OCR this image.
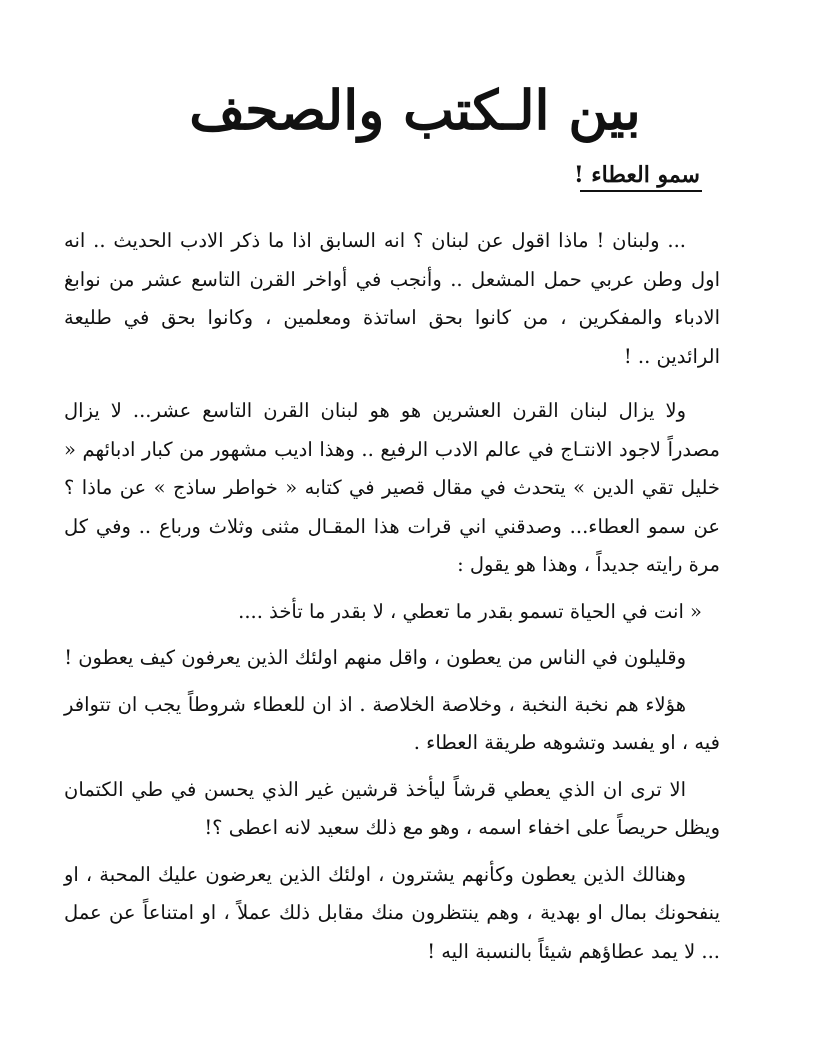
بين الـكتب والصحف
سمو العطاء !

... ولبنان ! ماذا اقول عن لبنان ؟ انه السابق اذا ما ذكر الادب الحديث .. انه اول وطن عربي حمل المشعل .. وأنجب في أواخر القرن التاسع عشر من نوابغ الادباء والمفكرين ، من كانوا بحق اساتذة ومعلمين ، وكانوا بحق في طليعة الرائدين .. !

ولا يزال لبنان القرن العشرين هو هو لبنان القرن التاسع عشر... لا يزال مصدراً لاجود الانتـاج في عالم الادب الرفيع .. وهذا اديب مشهور من كبار ادبائهم « خليل تقي الدين » يتحدث في مقال قصير في كتابه « خواطر ساذج » عن ماذا ؟ عن سمو العطاء... وصدقني اني قرات هذا المقـال مثنى وثلاث ورباع .. وفي كل مرة رايته جديداً ، وهذا هو يقول :

« انت في الحياة تسمو بقدر ما تعطي ، لا بقدر ما تأخذ ....

وقليلون في الناس من يعطون ، واقل منهم اولئك الذين يعرفون كيف يعطون !

هؤلاء هم نخبة النخبة ، وخلاصة الخلاصة . اذ ان للعطاء شروطاً يجب ان تتوافر فيه ، او يفسد وتشوهه طريقة العطاء .

الا ترى ان الذي يعطي قرشاً ليأخذ قرشين غير الذي يحسن في طي الكتمان ويظل حريصاً على اخفاء اسمه ، وهو مع ذلك سعيد لانه اعطى ؟!

وهنالك الذين يعطون وكأنهم يشترون ، اولئك الذين يعرضون عليك المحبة ، او ينفحونك بمال او بهدية ، وهم ينتظرون منك مقابل ذلك عملاً ، او امتناعاً عن عمل ... لا يمد عطاؤهم شيئاً بالنسبة اليه !
